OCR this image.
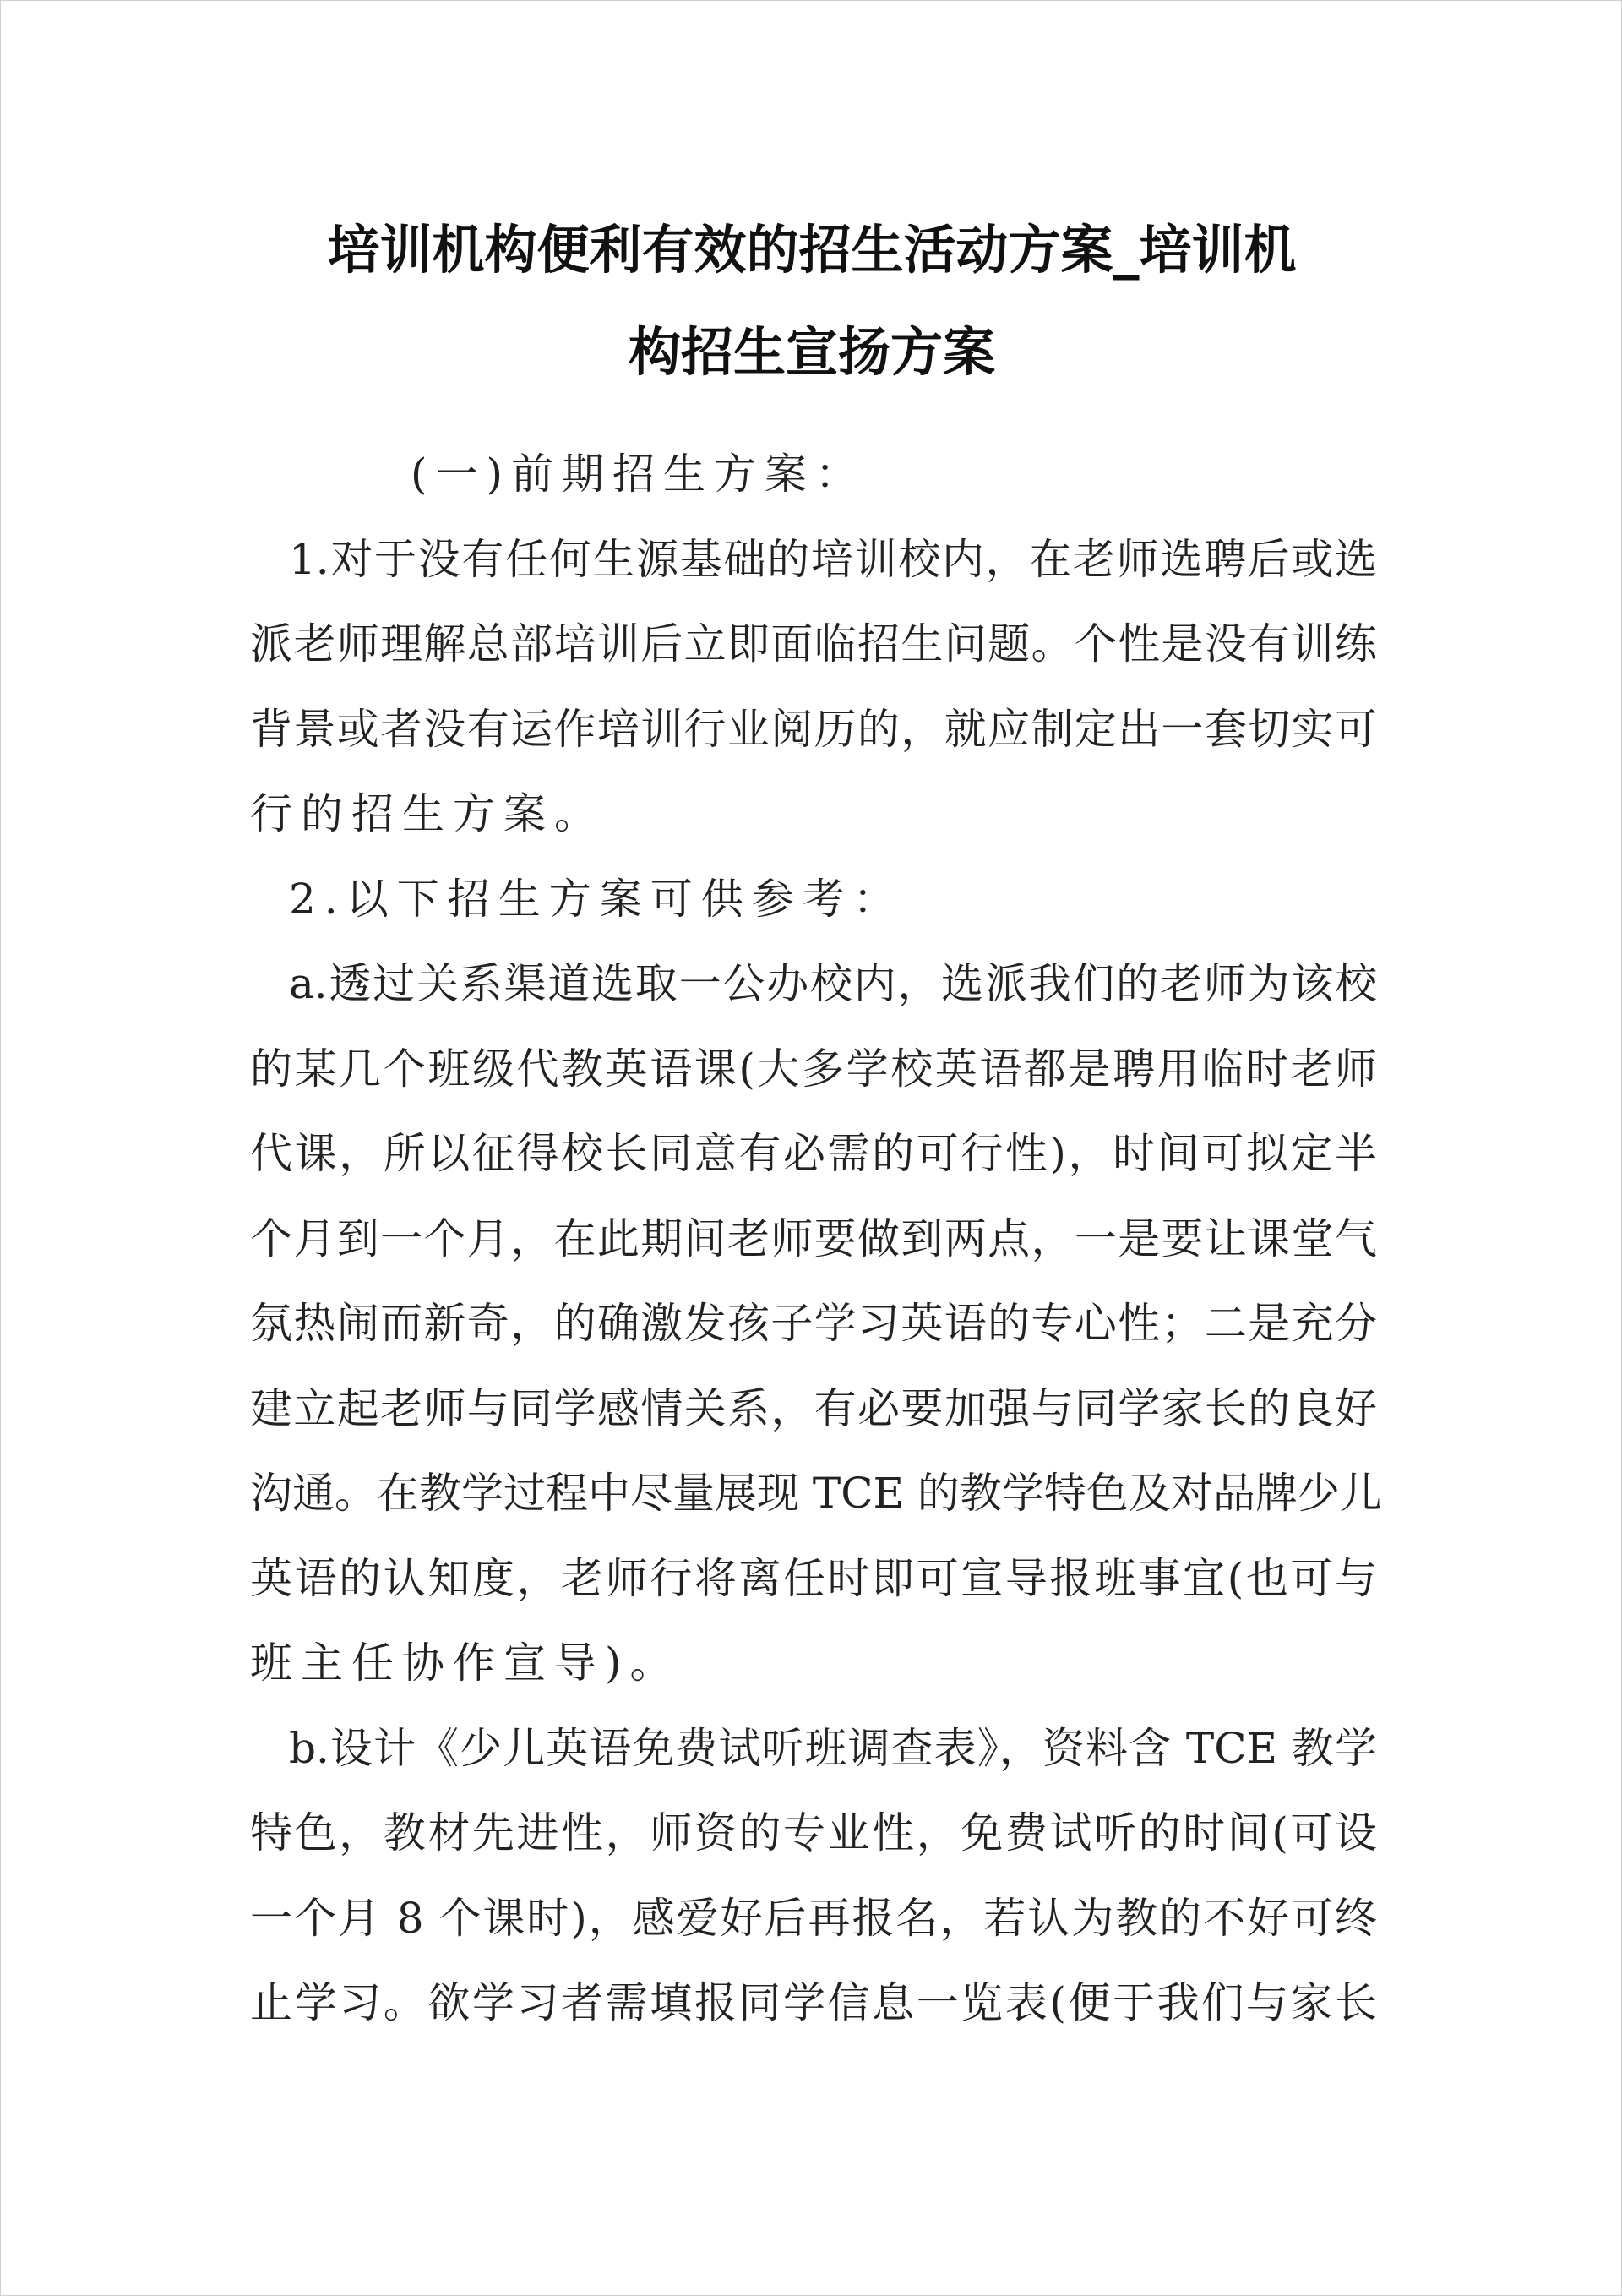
培训机构便利有效的招生活动方案_培训机
构招生宣扬方案
(一)前期招生方案：
1.对于没有任何生源基础的培训校内，在老师选聘后或选
派老师理解总部培训后立即面临招生问题。个性是没有训练
背景或者没有运作培训行业阅历的，就应制定出一套切实可
行的招生方案。
2.以下招生方案可供参考：
a.透过关系渠道选取一公办校内，选派我们的老师为该校
的某几个班级代教英语课(大多学校英语都是聘用临时老师
代课，所以征得校长同意有必需的可行性)，时间可拟定半
个月到一个月，在此期间老师要做到两点，一是要让课堂气
氛热闹而新奇，的确激发孩子学习英语的专心性；二是充分
建立起老师与同学感情关系，有必要加强与同学家长的良好
沟通。在教学过程中尽量展现 TCE 的教学特色及对品牌少儿
英语的认知度，老师行将离任时即可宣导报班事宜(也可与
班主任协作宣导)。
b.设计《少儿英语免费试听班调查表》，资料含 TCE 教学
特色，教材先进性，师资的专业性，免费试听的时间(可设
一个月 8 个课时)，感爱好后再报名，若认为教的不好可终
止学习。欲学习者需填报同学信息一览表(便于我们与家长
